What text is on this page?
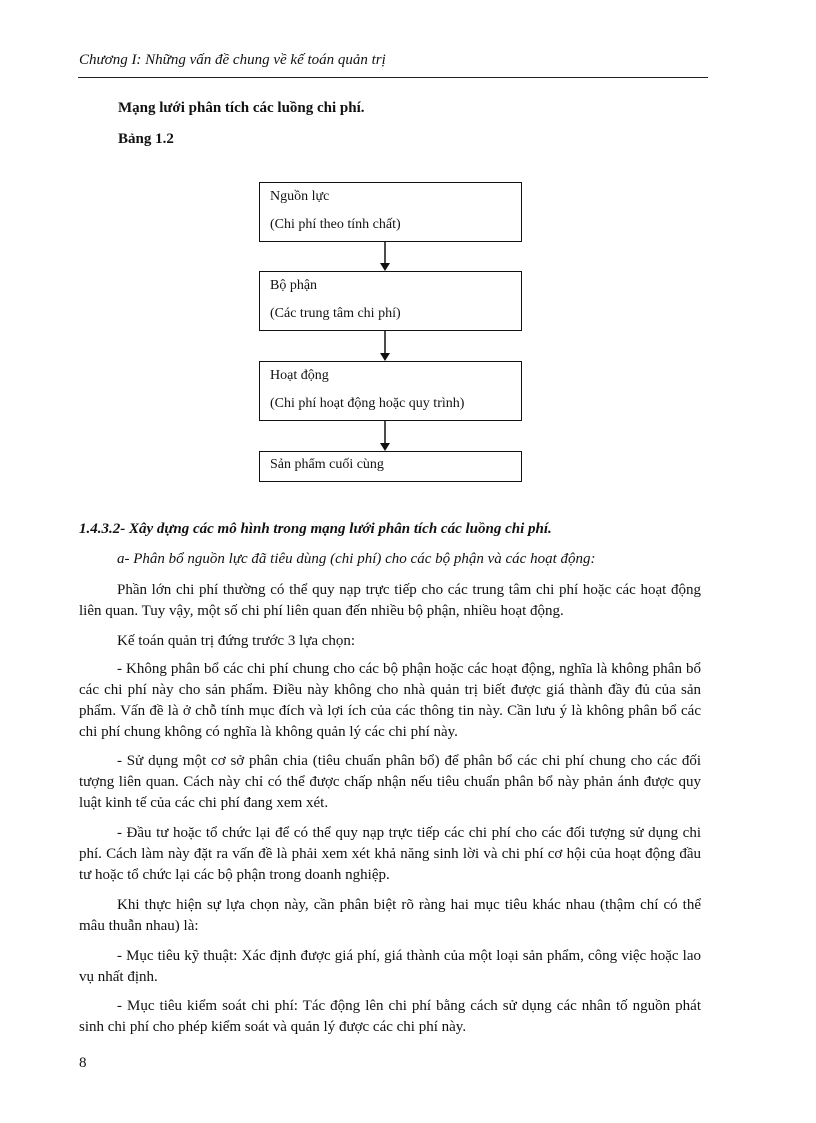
Chương I: Những vấn đề chung về kế toán quản trị
Mạng lưới phân tích các luồng chi phí.
Bảng 1.2
Nguồn lực
(Chi phí theo tính chất)
Bộ phận
(Các trung tâm chi phí)
Hoạt động
(Chi phí hoạt động hoặc quy trình)
Sản phẩm cuối cùng
1.4.3.2- Xây dựng các mô hình trong mạng lưới phân tích các luồng chi phí.
a- Phân bổ nguồn lực đã tiêu dùng (chi phí) cho các bộ phận và các hoạt động:

Phần lớn chi phí thường có thể quy nạp trực tiếp cho các trung tâm chi phí hoặc các hoạt động liên quan. Tuy vậy, một số chi phí liên quan đến nhiều bộ phận, nhiều hoạt động.

Kế toán quản trị đứng trước 3 lựa chọn:

- Không phân bổ các chi phí chung cho các bộ phận hoặc các hoạt động, nghĩa là không phân bổ các chi phí này cho sản phẩm. Điều này không cho nhà quản trị biết được giá thành đầy đủ của sản phẩm. Vấn đề là ở chỗ tính mục đích và lợi ích của các thông tin này. Cần lưu ý là không phân bổ các chi phí chung không có nghĩa là không quản lý các chi phí này.

- Sử dụng một cơ sở phân chia (tiêu chuẩn phân bổ) để phân bổ các chi phí chung cho các đối tượng liên quan. Cách này chỉ có thể được chấp nhận nếu tiêu chuẩn phân bổ này phản ánh được quy luật kinh tế của các chi phí đang xem xét.

- Đầu tư hoặc tổ chức lại để có thể quy nạp trực tiếp các chi phí cho các đối tượng sử dụng chi phí. Cách làm này đặt ra vấn đề là phải xem xét khả năng sinh lời và chi phí cơ hội của hoạt động đầu tư hoặc tổ chức lại các bộ phận trong doanh nghiệp.

Khi thực hiện sự lựa chọn này, cần phân biệt rõ ràng hai mục tiêu khác nhau (thậm chí có thể mâu thuẫn nhau) là:

- Mục tiêu kỹ thuật: Xác định được giá phí, giá thành của một loại sản phẩm, công việc hoặc lao vụ nhất định.

- Mục tiêu kiểm soát chi phí: Tác động lên chi phí bằng cách sử dụng các nhân tố nguồn phát sinh chi phí cho phép kiểm soát và quản lý được các chi phí này.

8
